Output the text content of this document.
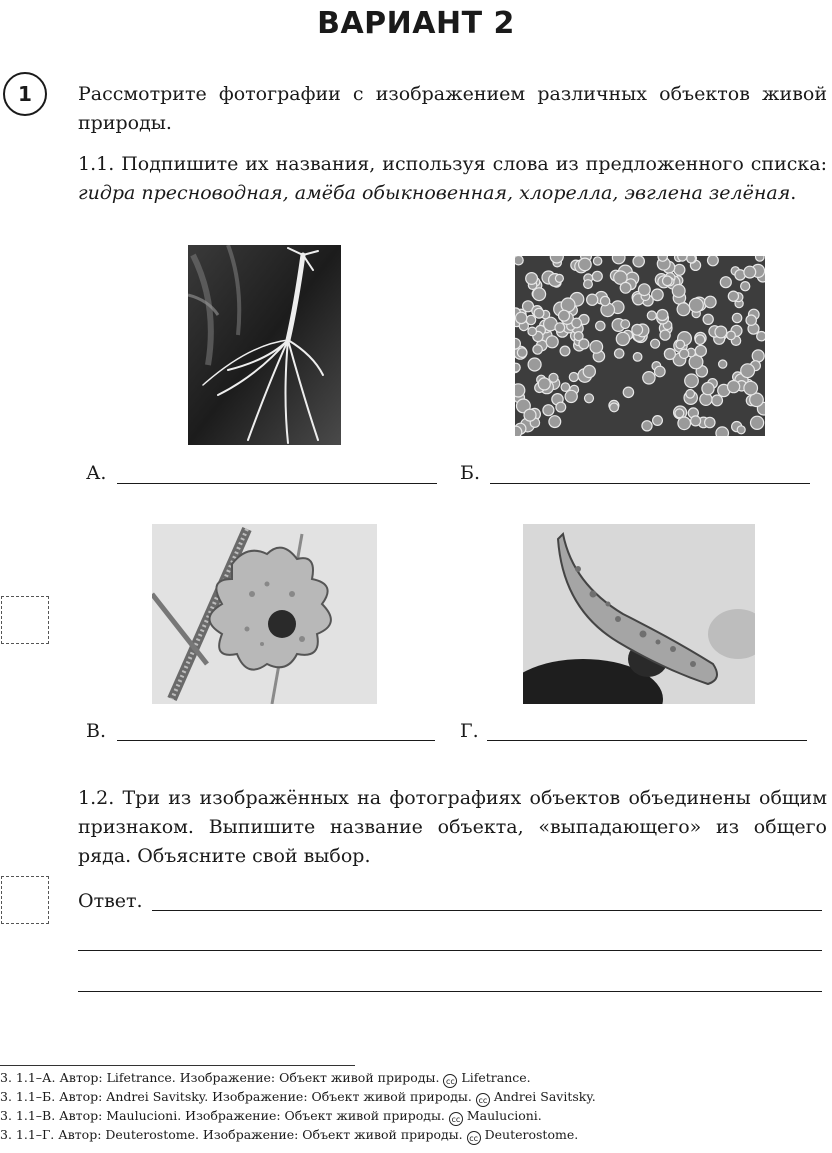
ВАРИАНТ 2
1 Рассмотрите фотографии с изображением различных объектов живой природы.
1.1. Подпишите их названия, используя слова из предложенного списка: гидра пресноводная, амёба обыкновенная, хлорелла, эвглена зелёная.
А.	Б.
В.	Г.
1.2. Три из изображённых на фотографиях объектов объединены общим признаком. Выпишите название объекта, «выпадающего» из общего ряда. Объясните свой выбор.
Ответ.
3. 1.1–А. Автор: Lifetrance. Изображение: Объект живой природы. cc Lifetrance.
3. 1.1–Б. Автор: Andrei Savitsky. Изображение: Объект живой природы. cc Andrei Savitsky.
3. 1.1–В. Автор: Maulucioni. Изображение: Объект живой природы. cc Maulucioni.
3. 1.1–Г. Автор: Deuterostome. Изображение: Объект живой природы. cc Deuterostome.
